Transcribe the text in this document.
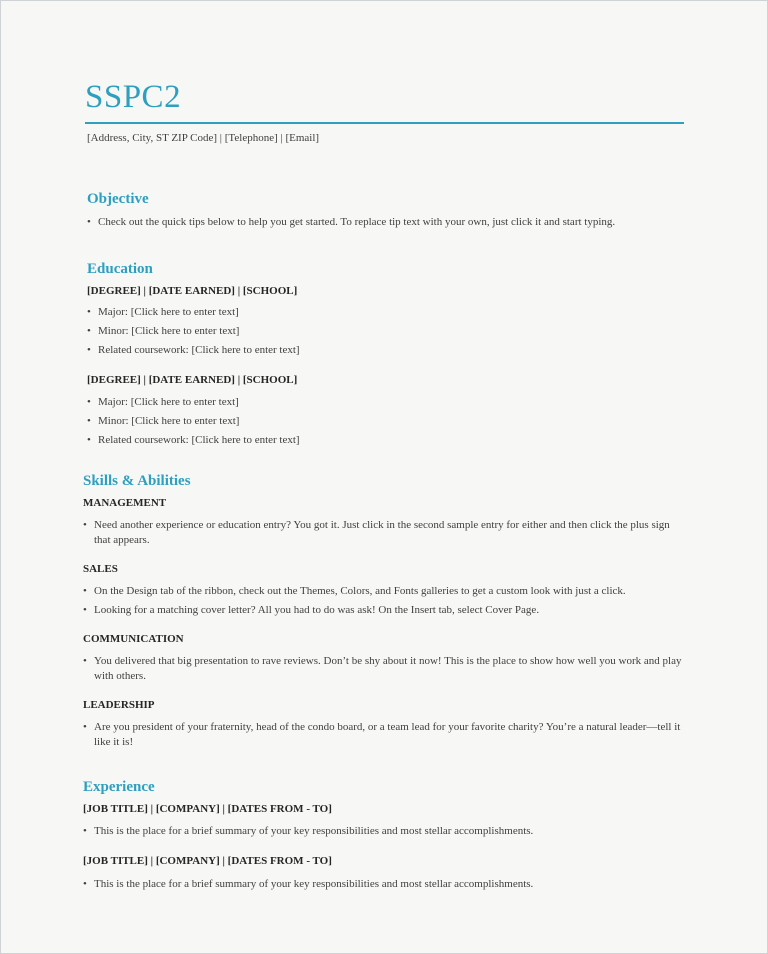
SSPC2
[Address, City, ST ZIP Code] | [Telephone] | [Email]
Objective
• Check out the quick tips below to help you get started. To replace tip text with your own, just click it and start typing.
Education
[DEGREE] | [DATE EARNED] | [SCHOOL]
• Major: [Click here to enter text]
• Minor: [Click here to enter text]
• Related coursework: [Click here to enter text]
[DEGREE] | [DATE EARNED] | [SCHOOL]
• Major: [Click here to enter text]
• Minor: [Click here to enter text]
• Related coursework: [Click here to enter text]
Skills & Abilities
MANAGEMENT
• Need another experience or education entry? You got it. Just click in the second sample entry for either and then click the plus sign that appears.
SALES
• On the Design tab of the ribbon, check out the Themes, Colors, and Fonts galleries to get a custom look with just a click.
• Looking for a matching cover letter? All you had to do was ask! On the Insert tab, select Cover Page.
COMMUNICATION
• You delivered that big presentation to rave reviews. Don’t be shy about it now! This is the place to show how well you work and play with others.
LEADERSHIP
• Are you president of your fraternity, head of the condo board, or a team lead for your favorite charity? You’re a natural leader—tell it like it is!
Experience
[JOB TITLE] | [COMPANY] | [DATES FROM - TO]
• This is the place for a brief summary of your key responsibilities and most stellar accomplishments.
[JOB TITLE] | [COMPANY] | [DATES FROM - TO]
• This is the place for a brief summary of your key responsibilities and most stellar accomplishments.
